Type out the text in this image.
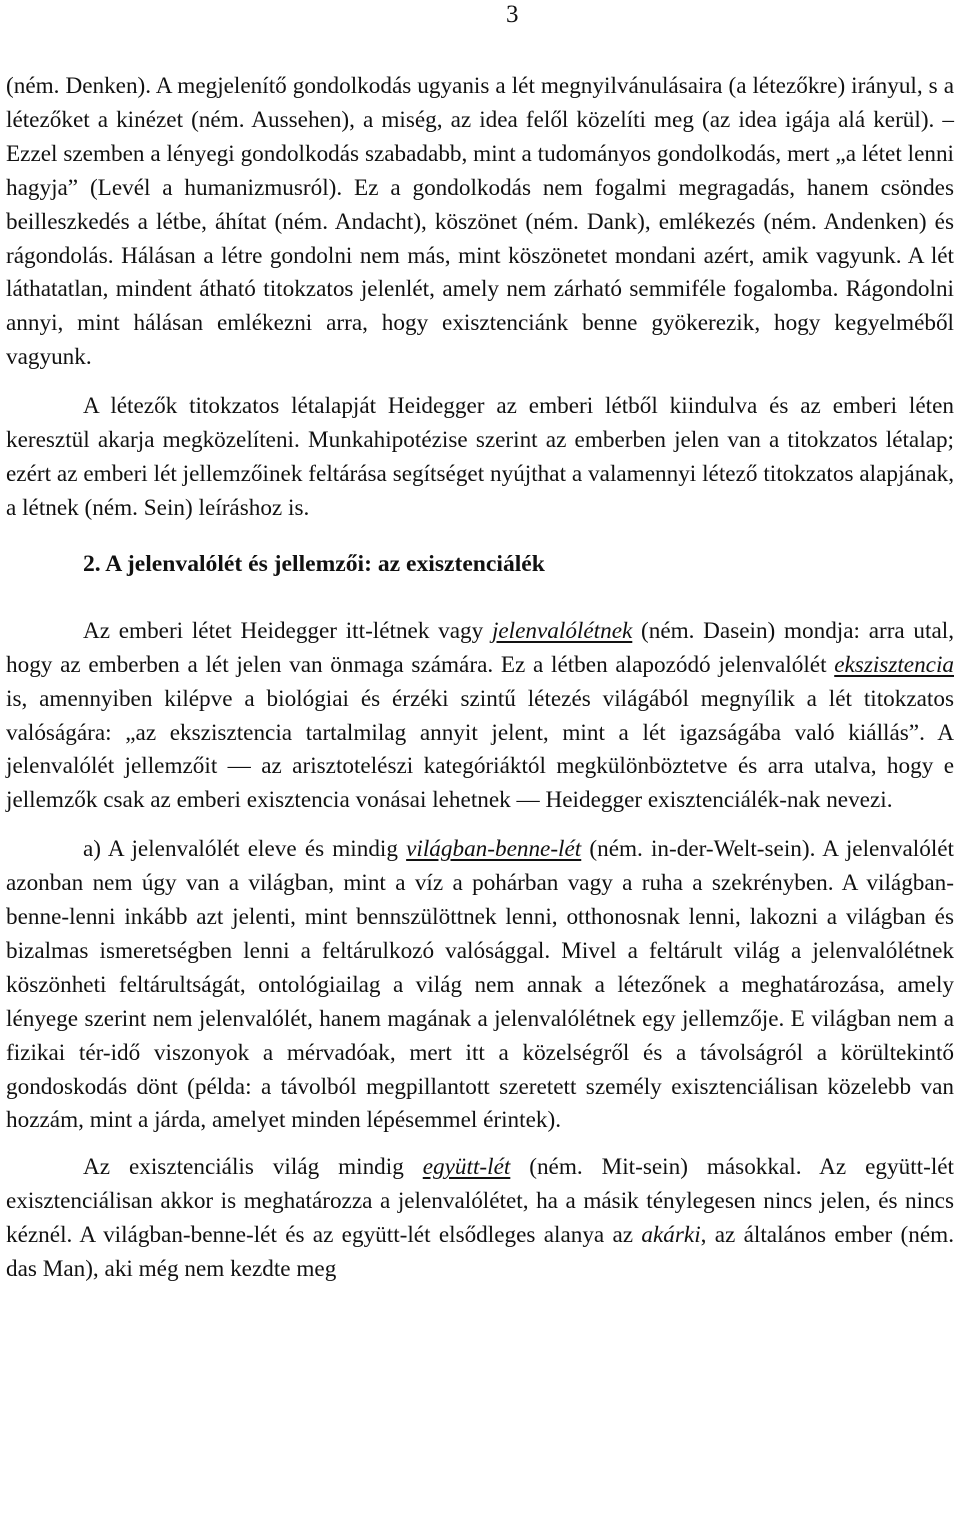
3

(ném. Denken). A megjelenítő gondolkodás ugyanis a lét megnyilvánulásaira (a létezőkre) irányul, s a létezőket a kinézet (ném. Aussehen), a miség, az idea felől közelíti meg (az idea igája alá kerül). – Ezzel szemben a lényegi gondolkodás szabadabb, mint a tudományos gondolkodás, mert „a létet lenni hagyja” (Levél a humanizmusról). Ez a gondolkodás nem fogalmi megragadás, hanem csöndes beilleszkedés a létbe, áhítat (ném. Andacht), köszönet (ném. Dank), emlékezés (ném. Andenken) és rágondolás. Hálásan a létre gondolni nem más, mint köszönetet mondani azért, amik vagyunk. A lét láthatatlan, mindent átható titokzatos jelenlét, amely nem zárható semmiféle fogalomba. Rágondolni annyi, mint hálásan emlékezni arra, hogy exisztenciánk benne gyökerezik, hogy kegyelméből vagyunk.

A létezők titokzatos létalapját Heidegger az emberi létből kiindulva és az emberi léten keresztül akarja megközelíteni. Munkahipotézise szerint az emberben jelen van a titokzatos létalap; ezért az emberi lét jellemzőinek feltárása segítséget nyújthat a valamennyi létező titokzatos alapjának, a létnek (ném. Sein) leíráshoz is.

2. A jelenvalólét és jellemzői: az exisztenciálék

Az emberi létet Heidegger itt-létnek vagy jelenvalólétnek (ném. Dasein) mondja: arra utal, hogy az emberben a lét jelen van önmaga számára. Ez a létben alapozódó jelenvalólét ekszisztencia is, amennyiben kilépve a biológiai és érzéki szintű létezés világából megnyílik a lét titokzatos valóságára: „az ekszisztencia tartalmilag annyit jelent, mint a lét igazságába való kiállás”. A jelenvalólét jellemzőit — az arisztotelészi kategóriáktól megkülönböztetve és arra utalva, hogy e jellemzők csak az emberi exisztencia vonásai lehetnek — Heidegger exisztenciálék-nak nevezi.

a) A jelenvalólét eleve és mindig világban-benne-lét (ném. in-der-Welt-sein). A jelenvalólét azonban nem úgy van a világban, mint a víz a pohárban vagy a ruha a szekrényben. A világban-benne-lenni inkább azt jelenti, mint bennszülöttnek lenni, otthonosnak lenni, lakozni a világban és bizalmas ismeretségben lenni a feltárulkozó valósággal. Mivel a feltárult világ a jelenvalólétnek köszönheti feltárultságát, ontológiailag a világ nem annak a létezőnek a meghatározása, amely lényege szerint nem jelenvalólét, hanem magának a jelenvalólétnek egy jellemzője. E világban nem a fizikai tér-idő viszonyok a mérvadóak, mert itt a közelségről és a távolságról a körültekintő gondoskodás dönt (példa: a távolból megpillantott szeretett személy exisztenciálisan közelebb van hozzám, mint a járda, amelyet minden lépésemmel érintek).

Az exisztenciális világ mindig együtt-lét (ném. Mit-sein) másokkal. Az együtt-lét exisztenciálisan akkor is meghatározza a jelenvalólétet, ha a másik ténylegesen nincs jelen, és nincs kéznél. A világban-benne-lét és az együtt-lét elsődleges alanya az akárki, az általános ember (ném. das Man), aki még nem kezdte meg
